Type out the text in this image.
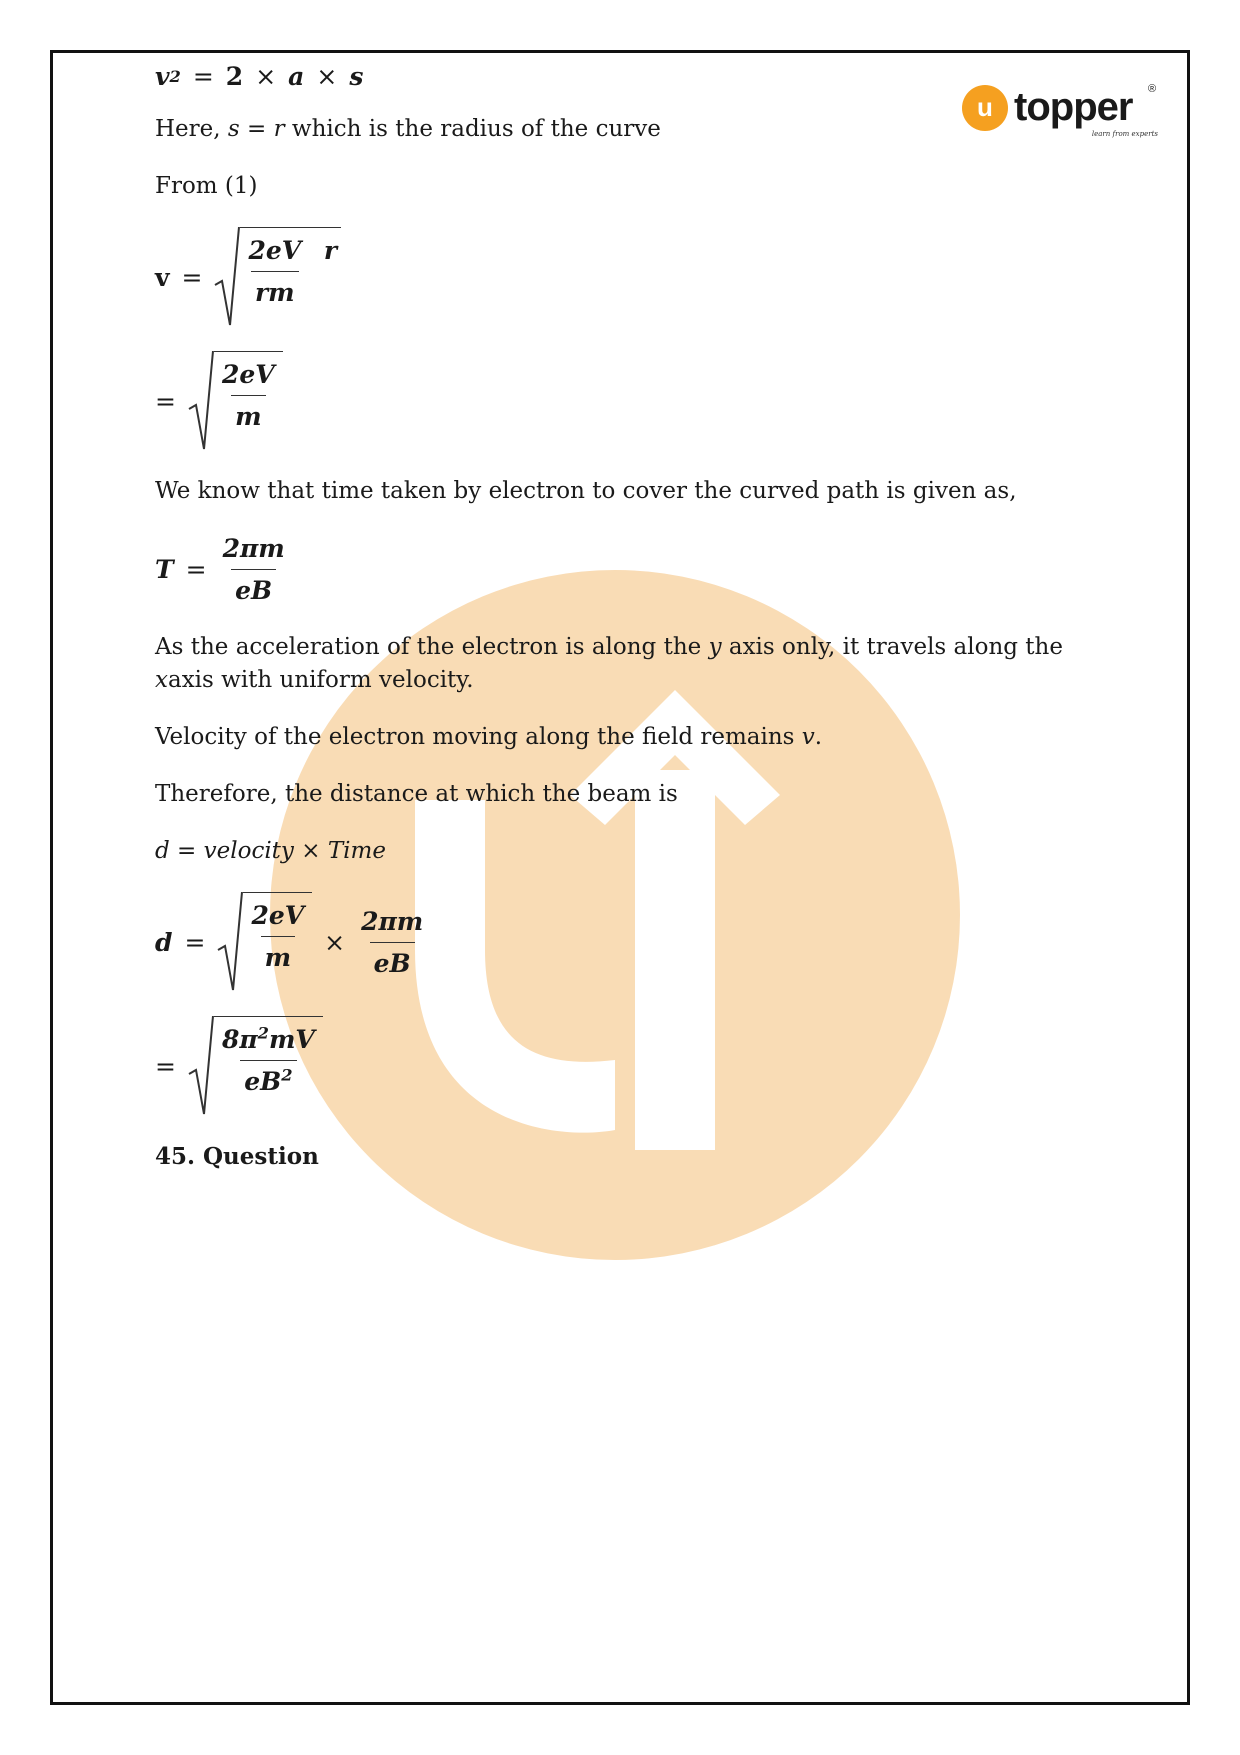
u topper ®
learn from experts
v 2 = 2 × a × s

Here, s = r which is the radius of the curve

From (1)

$v = \frac{2eV}{rm}$ r
= $\frac{2eV}{m}$

We know that time taken by electron to cover the curved path is given as,

$T = \frac{2\pi m}{eB}$

As the acceleration of the electron is along the y axis only, it travels along the xaxis with uniform velocity.

Velocity of the electron moving along the field remains v.

Therefore, the distance at which the beam is

d = velocity × Time

$d = \frac{2eV}{m} \times \frac{2\pi m}{eB}$
= $\frac{8\pi^2mV}{eB^2}$

45. Question
